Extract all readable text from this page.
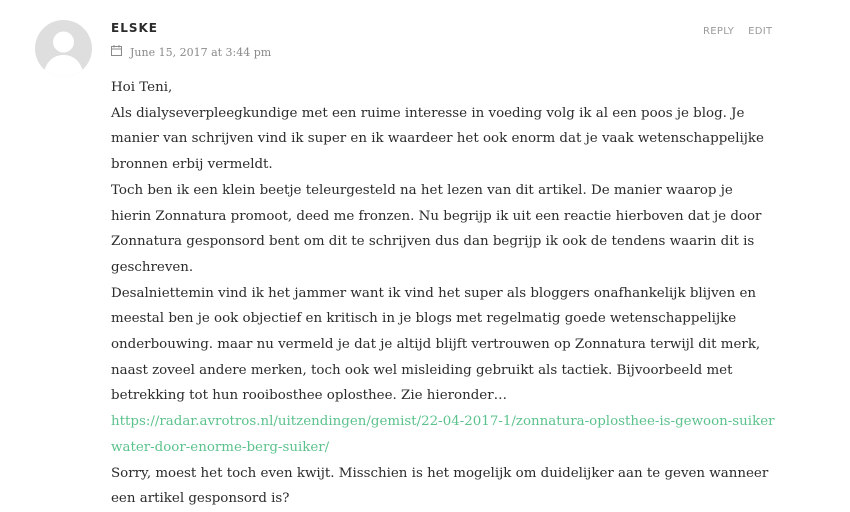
ELSKE
June 15, 2017 at 3:44 pm
REPLY EDIT

Hoi Teni,

Als dialyseverpleegkundige met een ruime interesse in voeding volg ik al een poos je blog. Je manier van schrijven vind ik super en ik waardeer het ook enorm dat je vaak wetenschappelijke bronnen erbij vermeldt.

Toch ben ik een klein beetje teleurgesteld na het lezen van dit artikel. De manier waarop je hierin Zonnatura promoot, deed me fronzen. Nu begrijp ik uit een reactie hierboven dat je door Zonnatura gesponsord bent om dit te schrijven dus dan begrijp ik ook de tendens waarin dit is geschreven.

Desalniettemin vind ik het jammer want ik vind het super als bloggers onafhankelijk blijven en meestal ben je ook objectief en kritisch in je blogs met regelmatig goede wetenschappelijke onderbouwing. maar nu vermeld je dat je altijd blijft vertrouwen op Zonnatura terwijl dit merk, naast zoveel andere merken, toch ook wel misleiding gebruikt als tactiek. Bijvoorbeeld met betrekking tot hun rooibosthee oplosthee. Zie hieronder…

https://radar.avrotros.nl/uitzendingen/gemist/22-04-2017-1/zonnatura-oplosthee-is-gewoon-suikerwater-door-enorme-berg-suiker/

Sorry, moest het toch even kwijt. Misschien is het mogelijk om duidelijker aan te geven wanneer een artikel gesponsord is?
